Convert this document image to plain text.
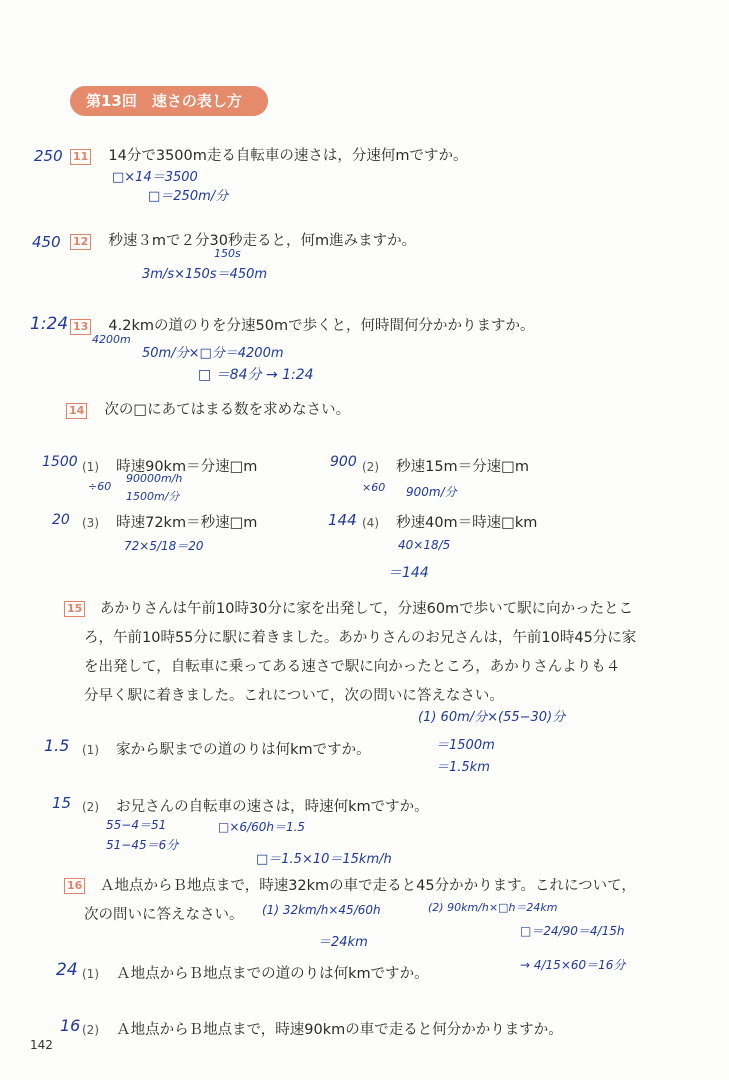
第13回　速さの表し方
250 11 14分で3500m走る自転車の速さは，分速何mですか。
□×14＝3500
□＝250m/分
450 12 秒速３mで２分30秒走ると，何m進みますか。
150s
3m/s×150s＝450m
1:24 13 4.2kmの道のりを分速50mで歩くと，何時間何分かかりますか。
4200m
50m/分×□分＝4200m
□ ＝84分 → 1:24
14 次の□にあてはまる数を求めなさい。
1500 (1) 時速90km＝分速□m
÷60
90000m/h
1500m/分
900 (2) 秒速15m＝分速□m
×60 900m/分
20 (3) 時速72km＝秒速□m
72×5/18＝20
144 (4) 秒速40m＝時速□km
40×18/5
＝144
15	あかりさんは午前10時30分に家を出発して，分速60mで歩いて駅に向かったとこ
ろ，午前10時55分に駅に着きました。あかりさんのお兄さんは，午前10時45分に家
を出発して，自転車に乗ってある速さで駅に向かったところ，あかりさんよりも４
分早く駅に着きました。これについて，次の問いに答えなさい。
(1) 60m/分×(55−30)分
＝1500m
＝1.5km
1.5 (1) 家から駅までの道のりは何kmですか。
15 (2) お兄さんの自転車の速さは，時速何kmですか。
55−4＝51
51−45＝6分
□×6/60h＝1.5
□＝1.5×10＝15km/h
16	Ａ地点からＢ地点まで，時速32kmの車で走ると45分かかります。これについて，
次の問いに答えなさい。	(1) 32km/h×45/60h
＝24km
(2) 90km/h×□h＝24km
□＝24/90＝4/15h
→ 4/15×60＝16分
24 (1) Ａ地点からＢ地点までの道のりは何kmですか。
16 (2) Ａ地点からＢ地点まで，時速90kmの車で走ると何分かかりますか。
142
